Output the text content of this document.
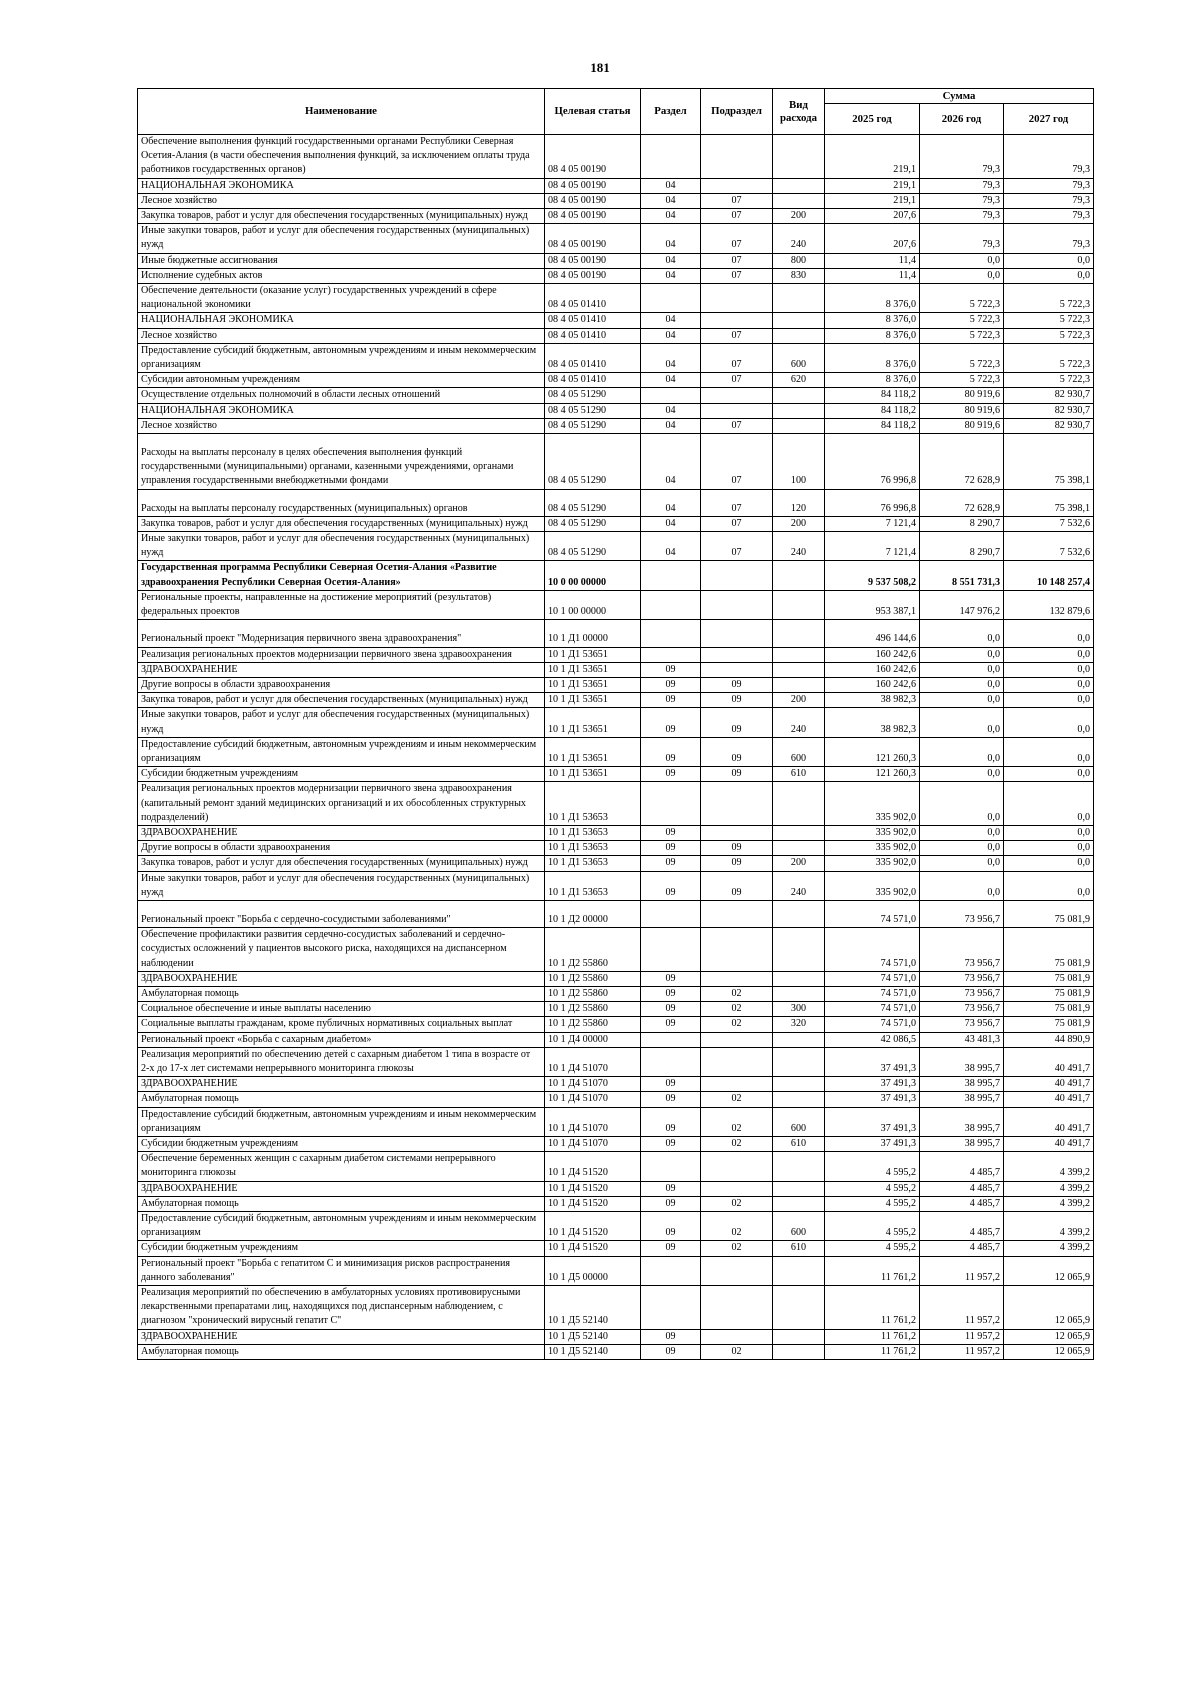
181
Наименование	Целевая статья	Раздел	Подраздел	Вид расхода	Сумма		
					2025 год	2026 год	2027 год
Обеспечение выполнения функций государственными органами Республики Северная Осетия-Алания (в части обеспечения выполнения функций, за исключением оплаты труда работников государственных органов)	08 4 05 00190				219,1	79,3	79,3
НАЦИОНАЛЬНАЯ ЭКОНОМИКА	08 4 05 00190	04			219,1	79,3	79,3
Лесное хозяйство	08 4 05 00190	04	07		219,1	79,3	79,3
Закупка товаров, работ и услуг для обеспечения государственных (муниципальных) нужд	08 4 05 00190	04	07	200	207,6	79,3	79,3
Иные закупки товаров, работ и услуг для обеспечения государственных (муниципальных) нужд	08 4 05 00190	04	07	240	207,6	79,3	79,3
Иные бюджетные ассигнования	08 4 05 00190	04	07	800	11,4	0,0	0,0
Исполнение судебных актов	08 4 05 00190	04	07	830	11,4	0,0	0,0
Обеспечение деятельности (оказание услуг) государственных учреждений в сфере национальной экономики	08 4 05 01410				8 376,0	5 722,3	5 722,3
НАЦИОНАЛЬНАЯ ЭКОНОМИКА	08 4 05 01410	04			8 376,0	5 722,3	5 722,3
Лесное хозяйство	08 4 05 01410	04	07		8 376,0	5 722,3	5 722,3
Предоставление субсидий бюджетным, автономным учреждениям и иным некоммерческим организациям	08 4 05 01410	04	07	600	8 376,0	5 722,3	5 722,3
Субсидии автономным учреждениям	08 4 05 01410	04	07	620	8 376,0	5 722,3	5 722,3
Осуществление отдельных полномочий в области лесных отношений	08 4 05 51290				84 118,2	80 919,6	82 930,7
НАЦИОНАЛЬНАЯ ЭКОНОМИКА	08 4 05 51290	04			84 118,2	80 919,6	82 930,7
Лесное хозяйство	08 4 05 51290	04	07		84 118,2	80 919,6	82 930,7
Расходы на выплаты персоналу в целях обеспечения выполнения функций государственными (муниципальными) органами, казенными учреждениями, органами управления государственными внебюджетными фондами	08 4 05 51290	04	07	100	76 996,8	72 628,9	75 398,1
Расходы на выплаты персоналу государственных (муниципальных) органов	08 4 05 51290	04	07	120	76 996,8	72 628,9	75 398,1
Закупка товаров, работ и услуг для обеспечения государственных (муниципальных) нужд	08 4 05 51290	04	07	200	7 121,4	8 290,7	7 532,6
Иные закупки товаров, работ и услуг для обеспечения государственных (муниципальных) нужд	08 4 05 51290	04	07	240	7 121,4	8 290,7	7 532,6
Государственная программа Республики Северная Осетия-Алания «Развитие здравоохранения Республики Северная Осетия-Алания»	10 0 00 00000				9 537 508,2	8 551 731,3	10 148 257,4
Региональные проекты, направленные на достижение мероприятий (результатов) федеральных проектов	10 1 00 00000				953 387,1	147 976,2	132 879,6
Региональный проект "Модернизация первичного звена здравоохранения"	10 1 Д1 00000				496 144,6	0,0	0,0
Реализация региональных проектов модернизации первичного звена здравоохранения	10 1 Д1 53651				160 242,6	0,0	0,0
ЗДРАВООХРАНЕНИЕ	10 1 Д1 53651	09			160 242,6	0,0	0,0
Другие вопросы в области здравоохранения	10 1 Д1 53651	09	09		160 242,6	0,0	0,0
Закупка товаров, работ и услуг для обеспечения государственных (муниципальных) нужд	10 1 Д1 53651	09	09	200	38 982,3	0,0	0,0
Иные закупки товаров, работ и услуг для обеспечения государственных (муниципальных) нужд	10 1 Д1 53651	09	09	240	38 982,3	0,0	0,0
Предоставление субсидий бюджетным, автономным учреждениям и иным некоммерческим организациям	10 1 Д1 53651	09	09	600	121 260,3	0,0	0,0
Субсидии бюджетным учреждениям	10 1 Д1 53651	09	09	610	121 260,3	0,0	0,0
Реализация региональных проектов модернизации первичного звена здравоохранения (капитальный ремонт зданий медицинских организаций и их обособленных структурных подразделений)	10 1 Д1 53653				335 902,0	0,0	0,0
ЗДРАВООХРАНЕНИЕ	10 1 Д1 53653	09			335 902,0	0,0	0,0
Другие вопросы в области здравоохранения	10 1 Д1 53653	09	09		335 902,0	0,0	0,0
Закупка товаров, работ и услуг для обеспечения государственных (муниципальных) нужд	10 1 Д1 53653	09	09	200	335 902,0	0,0	0,0
Иные закупки товаров, работ и услуг для обеспечения государственных (муниципальных) нужд	10 1 Д1 53653	09	09	240	335 902,0	0,0	0,0
Региональный проект "Борьба с сердечно-сосудистыми заболеваниями"	10 1 Д2 00000				74 571,0	73 956,7	75 081,9
Обеспечение профилактики развития сердечно-сосудистых заболеваний и сердечно-сосудистых осложнений у пациентов высокого риска, находящихся на диспансерном наблюдении	10 1 Д2 55860				74 571,0	73 956,7	75 081,9
ЗДРАВООХРАНЕНИЕ	10 1 Д2 55860	09			74 571,0	73 956,7	75 081,9
Амбулаторная помощь	10 1 Д2 55860	09	02		74 571,0	73 956,7	75 081,9
Социальное обеспечение и иные выплаты населению	10 1 Д2 55860	09	02	300	74 571,0	73 956,7	75 081,9
Социальные выплаты гражданам, кроме публичных нормативных социальных выплат	10 1 Д2 55860	09	02	320	74 571,0	73 956,7	75 081,9
Региональный проект «Борьба с сахарным диабетом»	10 1 Д4 00000				42 086,5	43 481,3	44 890,9
Реализация мероприятий по обеспечению детей с сахарным диабетом 1 типа в возрасте от 2-х до 17-х лет системами непрерывного мониторинга глюкозы	10 1 Д4 51070				37 491,3	38 995,7	40 491,7
ЗДРАВООХРАНЕНИЕ	10 1 Д4 51070	09			37 491,3	38 995,7	40 491,7
Амбулаторная помощь	10 1 Д4 51070	09	02		37 491,3	38 995,7	40 491,7
Предоставление субсидий бюджетным, автономным учреждениям и иным некоммерческим организациям	10 1 Д4 51070	09	02	600	37 491,3	38 995,7	40 491,7
Субсидии бюджетным учреждениям	10 1 Д4 51070	09	02	610	37 491,3	38 995,7	40 491,7
Обеспечение беременных женщин с сахарным диабетом системами непрерывного мониторинга глюкозы	10 1 Д4 51520				4 595,2	4 485,7	4 399,2
ЗДРАВООХРАНЕНИЕ	10 1 Д4 51520	09			4 595,2	4 485,7	4 399,2
Амбулаторная помощь	10 1 Д4 51520	09	02		4 595,2	4 485,7	4 399,2
Предоставление субсидий бюджетным, автономным учреждениям и иным некоммерческим организациям	10 1 Д4 51520	09	02	600	4 595,2	4 485,7	4 399,2
Субсидии бюджетным учреждениям	10 1 Д4 51520	09	02	610	4 595,2	4 485,7	4 399,2
Региональный проект "Борьба с гепатитом С и минимизация рисков распространения данного заболевания"	10 1 Д5 00000				11 761,2	11 957,2	12 065,9
Реализация мероприятий по обеспечению в амбулаторных условиях противовирусными лекарственными препаратами лиц, находящихся под диспансерным наблюдением, с диагнозом "хронический вирусный гепатит С"	10 1 Д5 52140				11 761,2	11 957,2	12 065,9
ЗДРАВООХРАНЕНИЕ	10 1 Д5 52140	09			11 761,2	11 957,2	12 065,9
Амбулаторная помощь	10 1 Д5 52140	09	02		11 761,2	11 957,2	12 065,9
